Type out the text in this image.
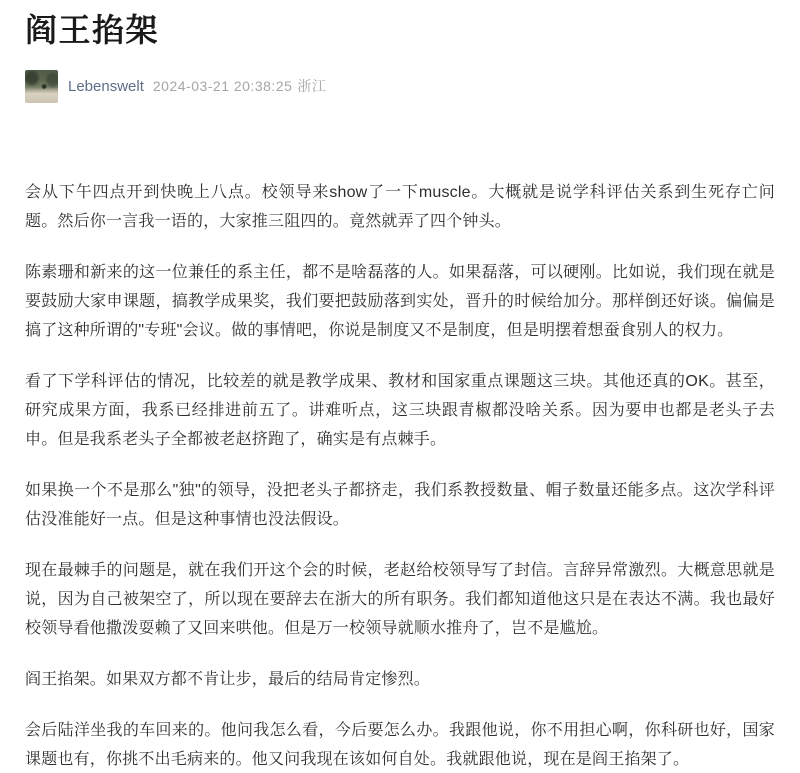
阎王掐架
Lebenswelt 2024-03-21 20:38:25 浙江

会从下午四点开到快晚上八点。校领导来show了一下muscle。大概就是说学科评估关系到生死存亡问题。然后你一言我一语的，大家推三阻四的。竟然就弄了四个钟头。

陈素珊和新来的这一位兼任的系主任，都不是啥磊落的人。如果磊落，可以硬刚。比如说，我们现在就是要鼓励大家申课题，搞教学成果奖，我们要把鼓励落到实处，晋升的时候给加分。那样倒还好谈。偏偏是搞了这种所谓的"专班"会议。做的事情吧，你说是制度又不是制度，但是明摆着想蚕食别人的权力。

看了下学科评估的情况，比较差的就是教学成果、教材和国家重点课题这三块。其他还真的OK。甚至，研究成果方面，我系已经排进前五了。讲难听点，这三块跟青椒都没啥关系。因为要申也都是老头子去申。但是我系老头子全都被老赵挤跑了，确实是有点棘手。

如果换一个不是那么"独"的领导，没把老头子都挤走，我们系教授数量、帽子数量还能多点。这次学科评估没准能好一点。但是这种事情也没法假设。

现在最棘手的问题是，就在我们开这个会的时候，老赵给校领导写了封信。言辞异常激烈。大概意思就是说，因为自己被架空了，所以现在要辞去在浙大的所有职务。我们都知道他这只是在表达不满。我也最好校领导看他撒泼耍赖了又回来哄他。但是万一校领导就顺水推舟了，岂不是尴尬。

阎王掐架。如果双方都不肯让步，最后的结局肯定惨烈。

会后陆洋坐我的车回来的。他问我怎么看，今后要怎么办。我跟他说，你不用担心啊，你科研也好，国家课题也有，你挑不出毛病来的。他又问我现在该如何自处。我就跟他说，现在是阎王掐架了。
